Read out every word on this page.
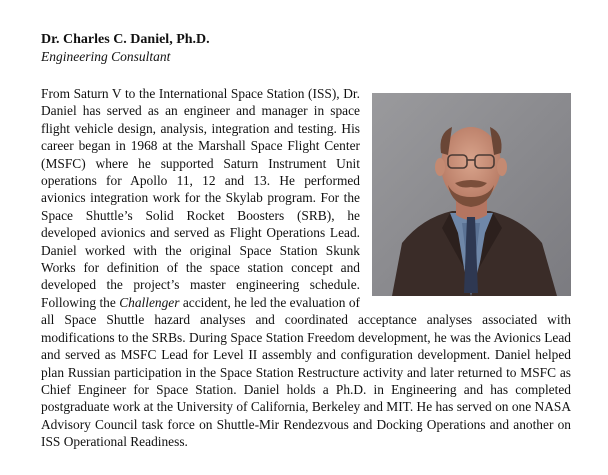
Dr. Charles C. Daniel, Ph.D.
Engineering Consultant
From Saturn V to the International Space Station (ISS), Dr. Daniel has served as an engineer and manager in space flight vehicle design, analysis, integration and testing. His career began in 1968 at the Marshall Space Flight Center (MSFC) where he supported Saturn Instrument Unit operations for Apollo 11, 12 and 13. He performed avionics integration work for the Skylab program. For the Space Shuttle’s Solid Rocket Boosters (SRB), he developed avionics and served as Flight Operations Lead. Daniel worked with the original Space Station Skunk Works for definition of the space station concept and developed the project’s master engineering schedule. Following the Challenger accident, he led the evaluation of all Space Shuttle hazard analyses and coordinated acceptance analyses associated with modifications to the SRBs. During Space Station Freedom development, he was the Avionics Lead and served as MSFC Lead for Level II assembly and configuration development. Daniel helped plan Russian participation in the Space Station Restructure activity and later returned to MSFC as Chief Engineer for Space Station. Daniel holds a Ph.D. in Engineering and has completed postgraduate work at the University of California, Berkeley and MIT. He has served on one NASA Advisory Council task force on Shuttle-Mir Rendezvous and Docking Operations and another on ISS Operational Readiness.
